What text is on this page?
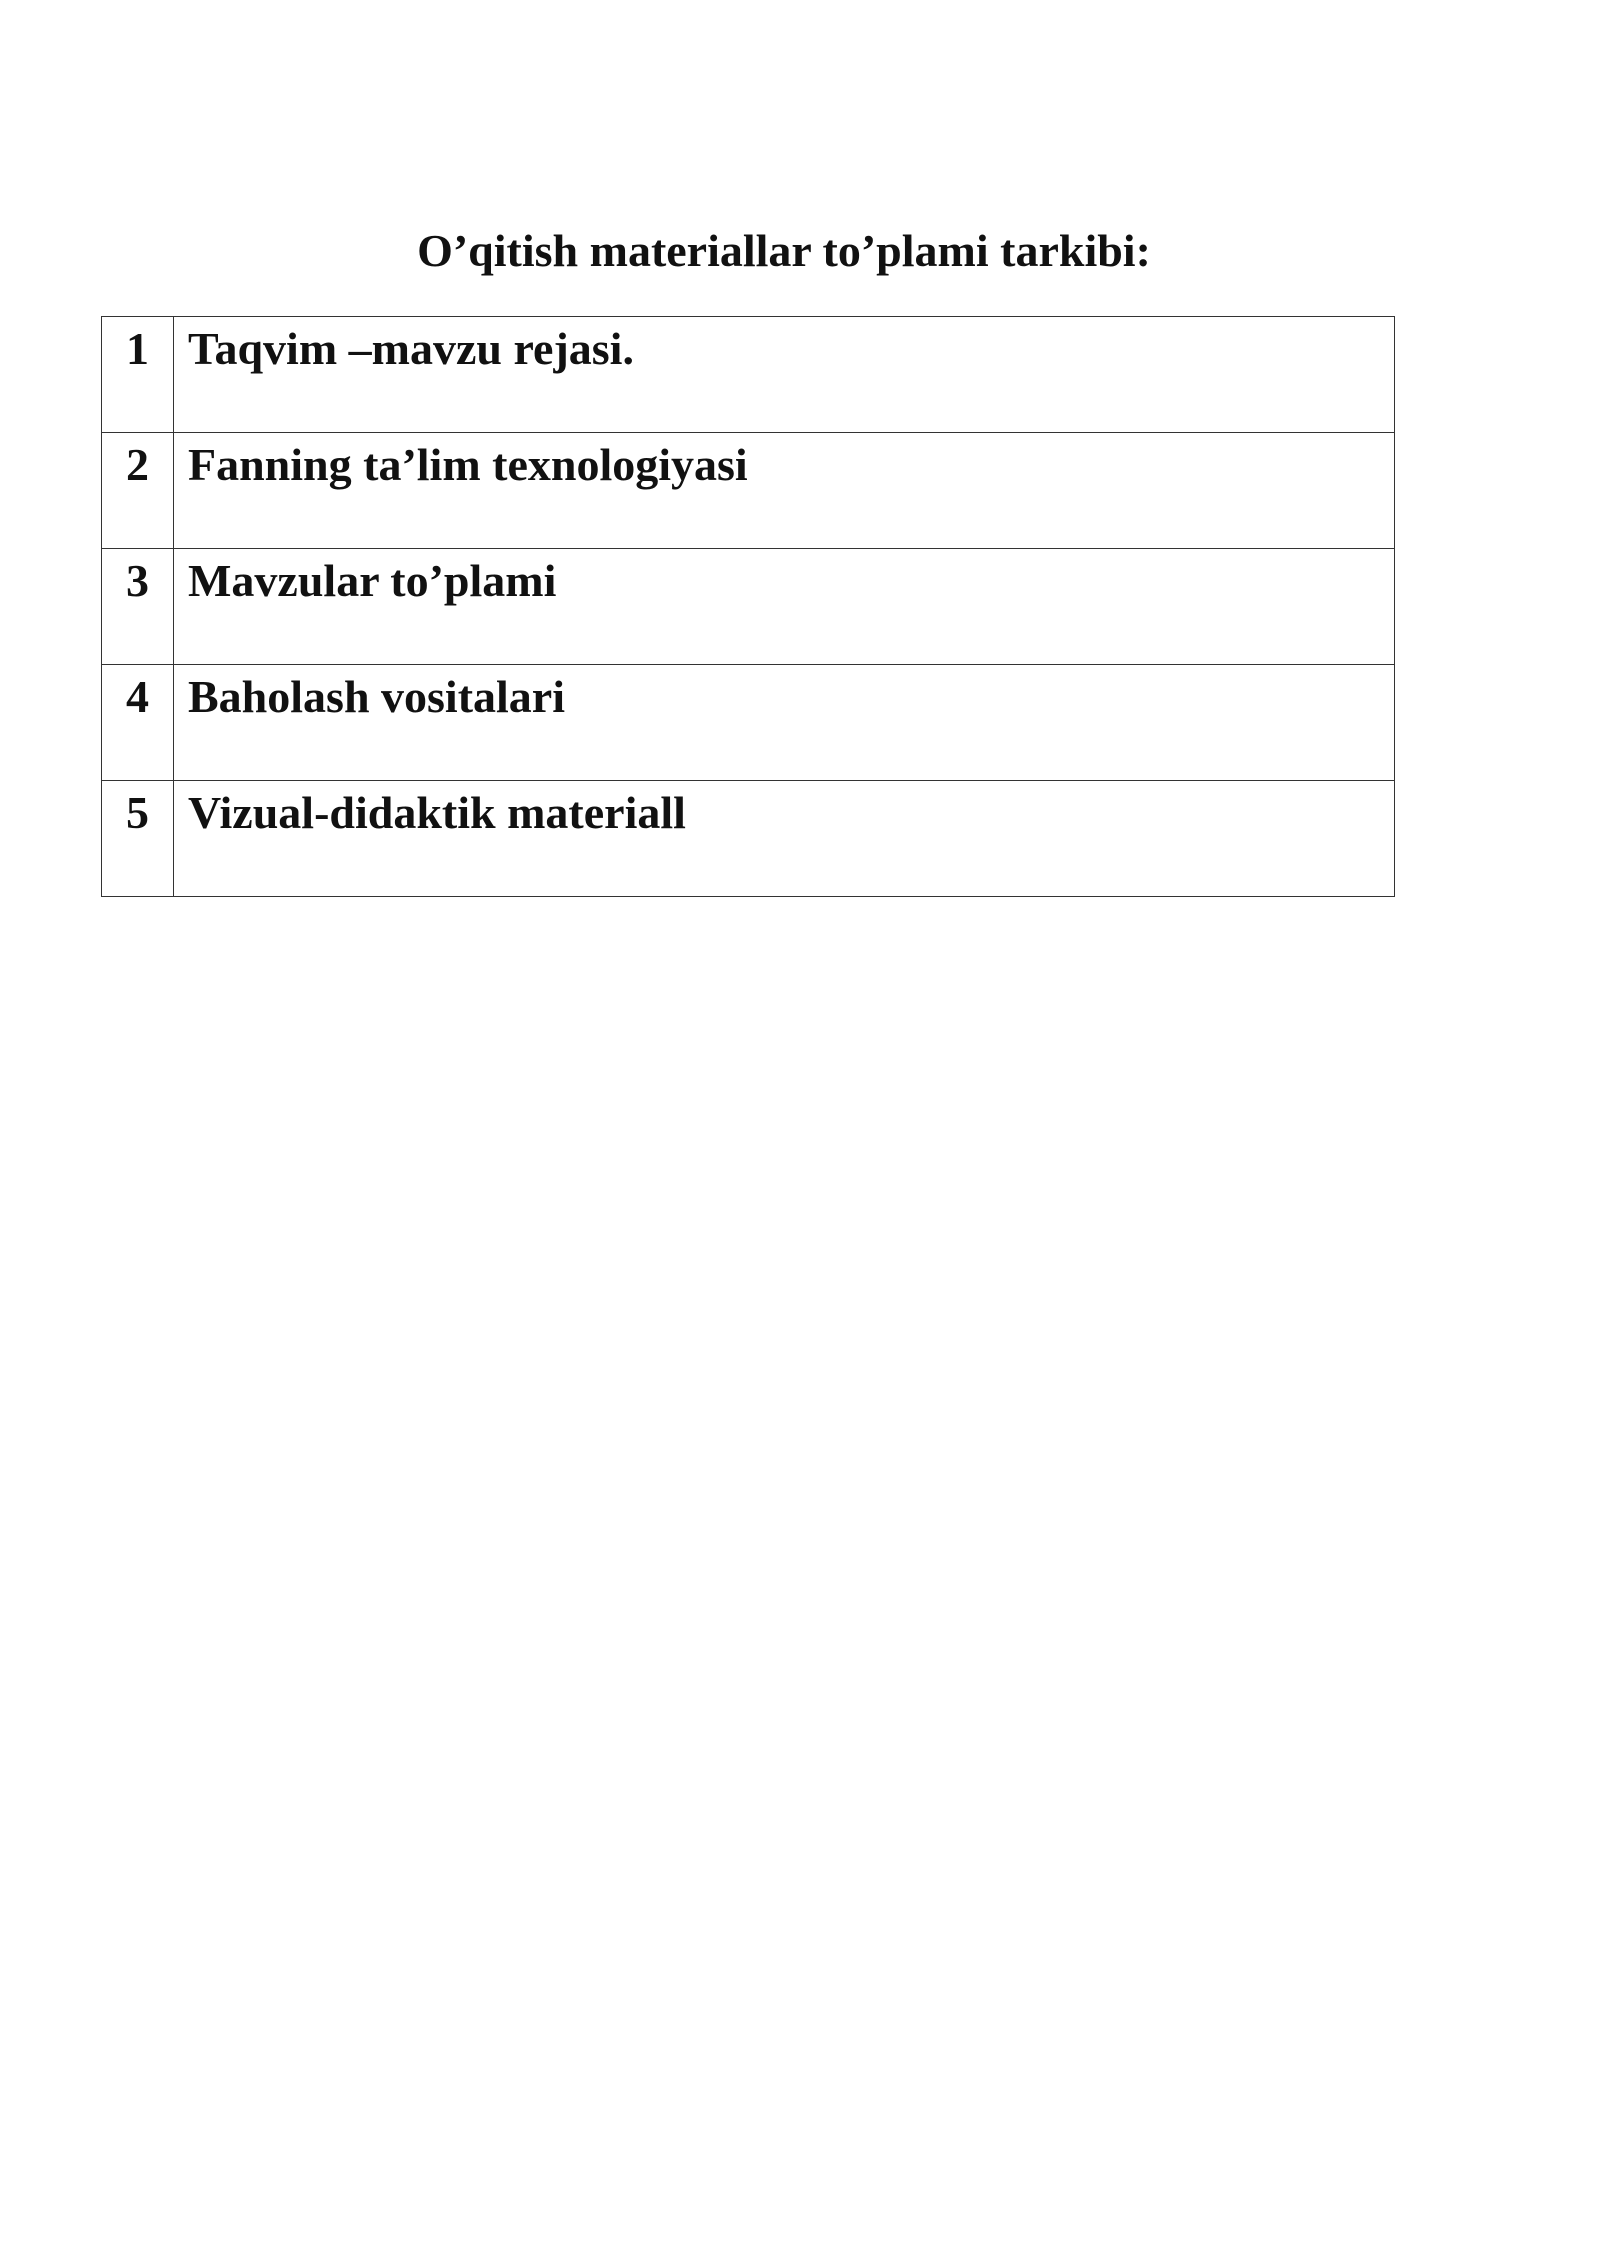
O’qitish materiallar to’plami tarkibi:
1	Taqvim –mavzu rejasi.
2	Fanning ta’lim texnologiyasi
3	Mavzular to’plami
4	Baholash vositalari
5	Vizual-didaktik materiall
